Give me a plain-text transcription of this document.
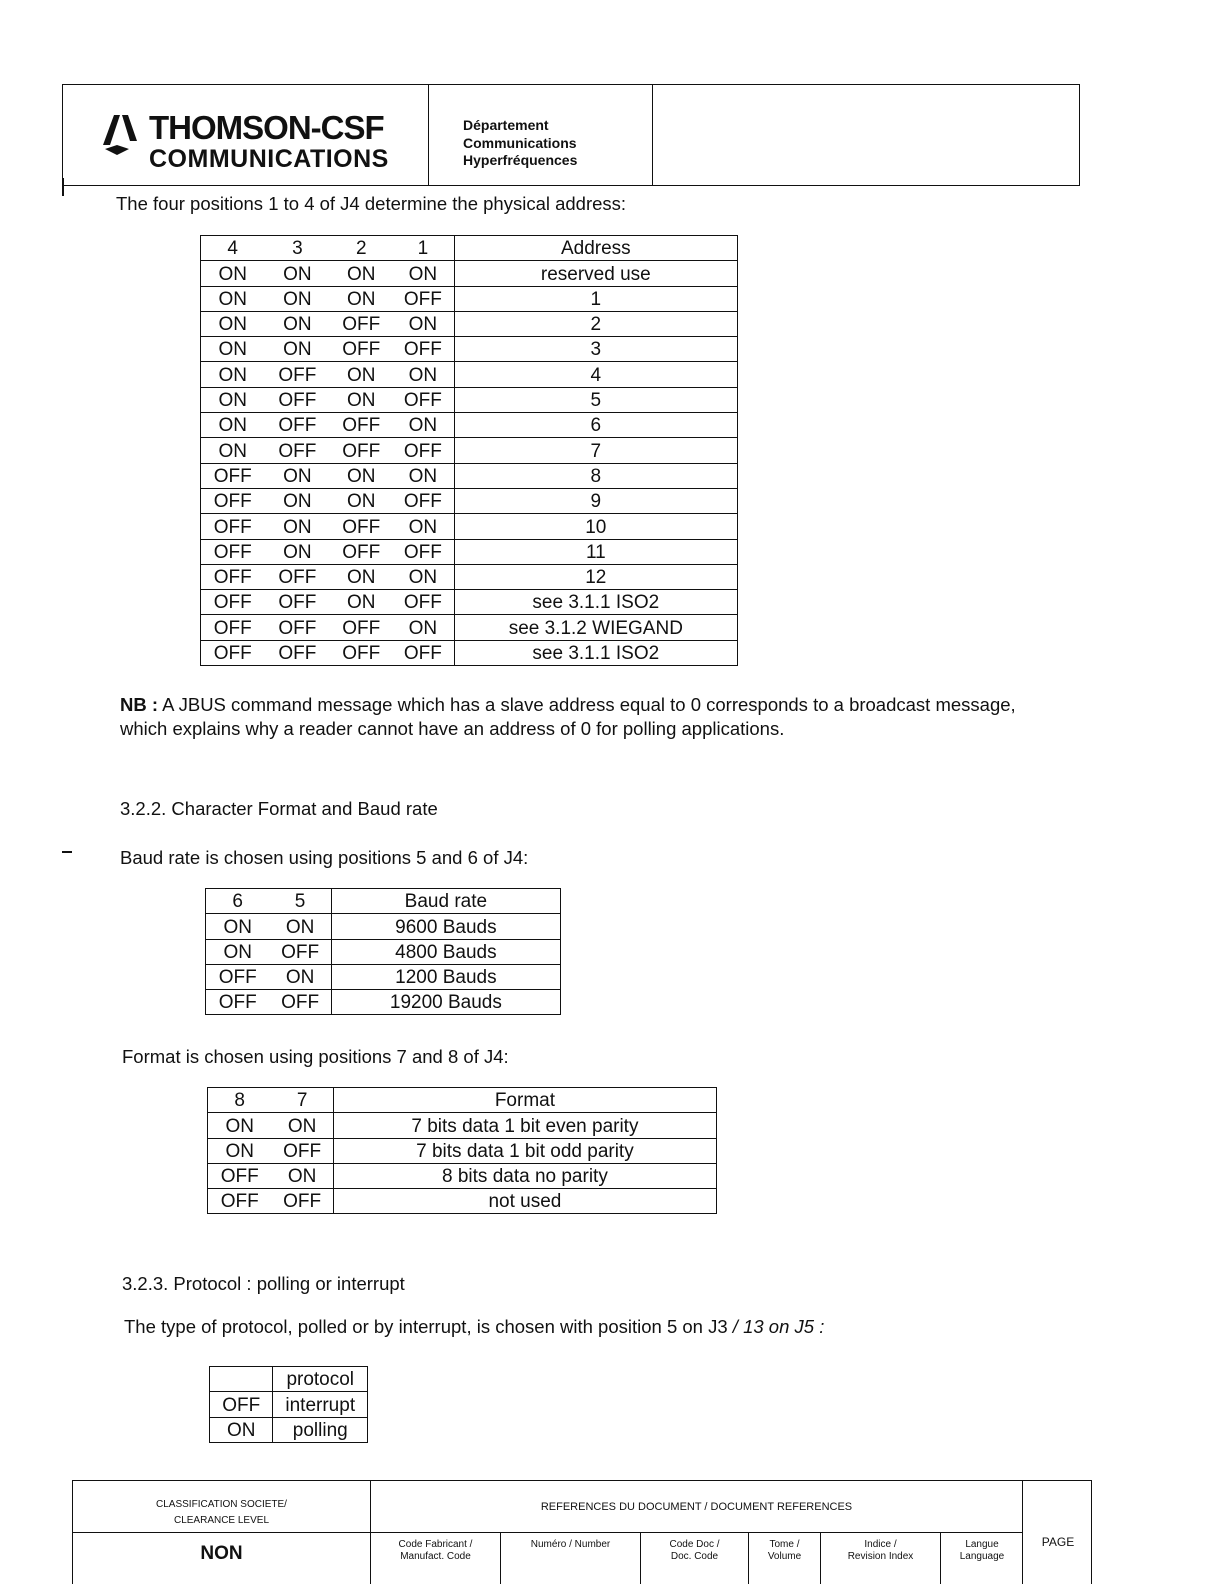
THOMSON-CSF
COMMUNICATIONS
Département
Communications
Hyperfréquences
The four positions 1 to 4 of J4 determine the physical address:
4	3	2	1	Address
ON	ON	ON	ON	reserved use
ON	ON	ON	OFF	1
ON	ON	OFF	ON	2
ON	ON	OFF	OFF	3
ON	OFF	ON	ON	4
ON	OFF	ON	OFF	5
ON	OFF	OFF	ON	6
ON	OFF	OFF	OFF	7
OFF	ON	ON	ON	8
OFF	ON	ON	OFF	9
OFF	ON	OFF	ON	10
OFF	ON	OFF	OFF	11
OFF	OFF	ON	ON	12
OFF	OFF	ON	OFF	see 3.1.1 ISO2
OFF	OFF	OFF	ON	see 3.1.2 WIEGAND
OFF	OFF	OFF	OFF	see 3.1.1 ISO2
NB : A JBUS command message which has a slave address equal to 0 corresponds to a broadcast message,
which explains why a reader cannot have an address of 0 for polling applications.
3.2.2. Character Format and Baud rate
Baud rate is chosen using positions 5 and 6 of J4:
6	5	Baud rate
ON	ON	9600 Bauds
ON	OFF	4800 Bauds
OFF	ON	1200 Bauds
OFF	OFF	19200 Bauds
Format is chosen using positions 7 and 8 of J4:
8	7	Format
ON	ON	7 bits data 1 bit even parity
ON	OFF	7 bits data 1 bit odd parity
OFF	ON	8 bits data no parity
OFF	OFF	not used
3.2.3. Protocol : polling or interrupt
The type of protocol, polled or by interrupt, is chosen with position 5 on J3 / 13 on J5 :
	protocol
OFF	interrupt
ON	polling
CLASSIFICATION SOCIETE/
CLEARANCE LEVEL
NON
REFERENCES DU DOCUMENT / DOCUMENT REFERENCES
Code Fabricant /
Manufact. Code
Numéro / Number	Code Doc /
Doc. Code
Tome /
Volume
Indice /
Revision Index
Langue
Language
PAGE
